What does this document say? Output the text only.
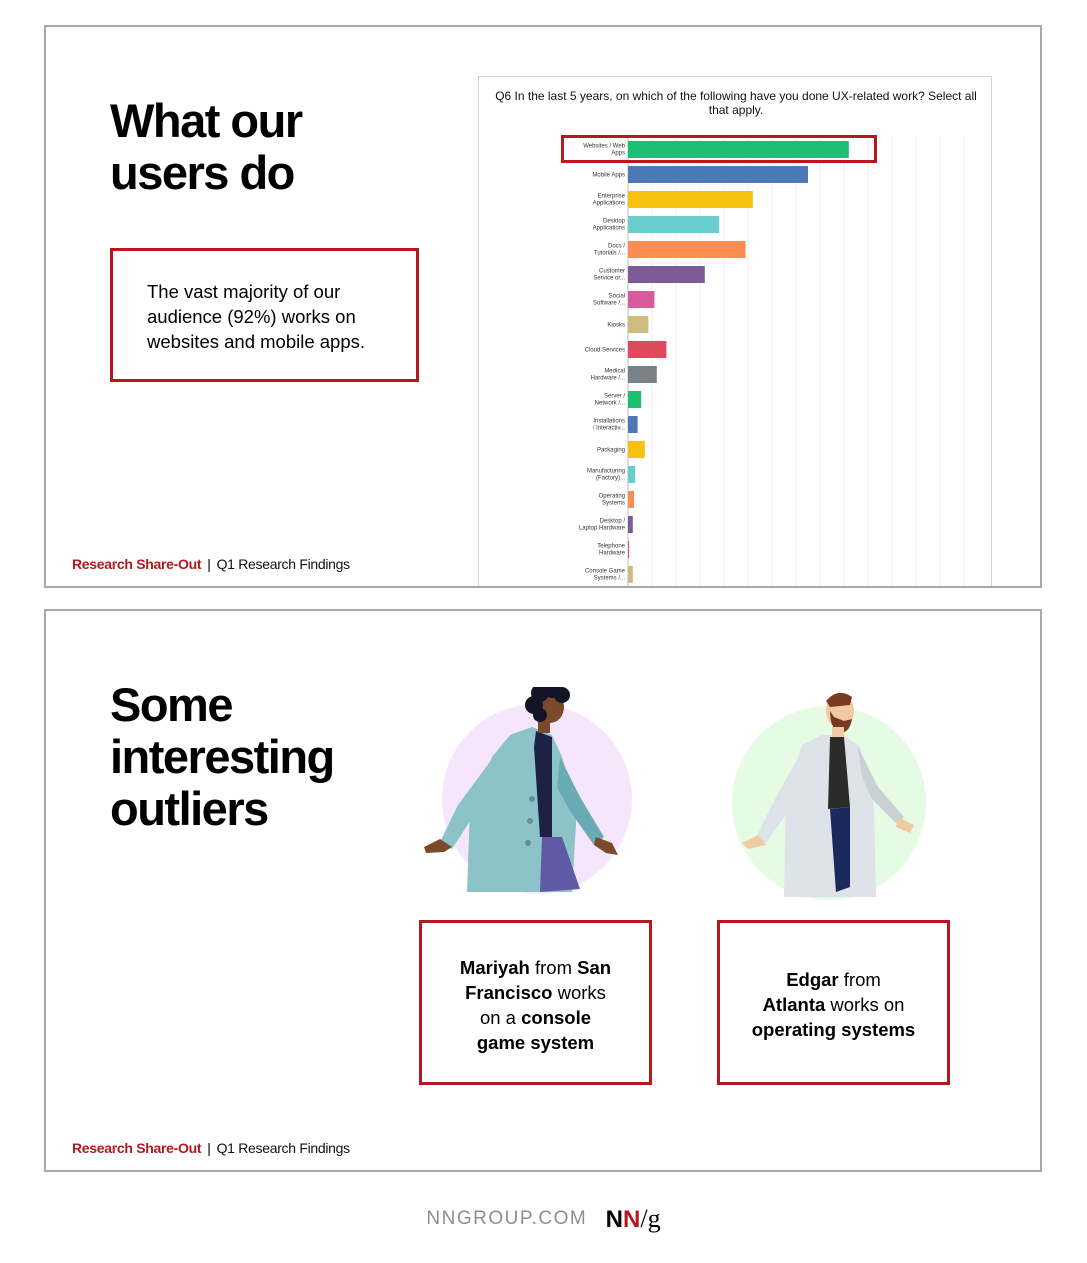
What our
users do
The vast majority of our
audience (92%) works on
websites and mobile apps.
Q6 In the last 5 years, on which of the following have you done UX-related work? Select all that apply.
Websites / Web Apps
Mobile Apps
Enterprise Applications
Desktop Applications
Docs / Tutorials /...
Customer Service or...
Social Software /...
Kiosks
Cloud Services
Medical Hardware /...
Server / Network /...
Installations / Interactiv...
Packaging
Manufacturing (Factory)...
Operating Systems
Desktop / Laptop Hardware
Telephone Hardware
Console Game Systems /...
Research Share-Out | Q1 Research Findings
Some
interesting
outliers
Mariyah from San
Francisco works
on a console
game system
Edgar from
Atlanta works on
operating systems
Research Share-Out | Q1 Research Findings
NNGROUP.COM NN/g
